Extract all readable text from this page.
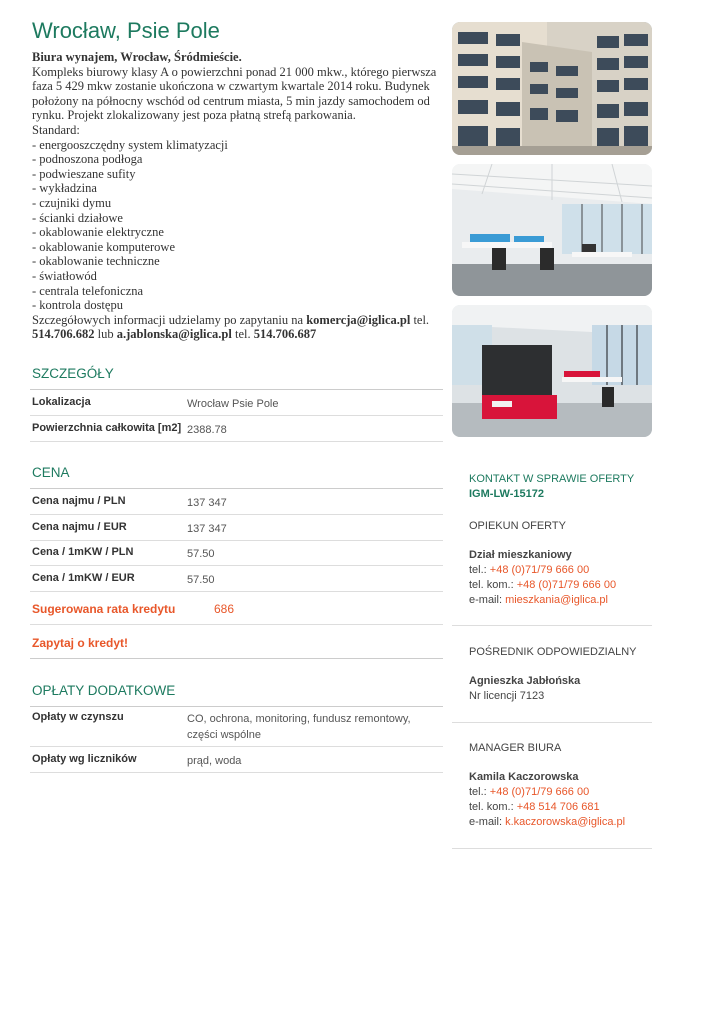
Wrocław, Psie Pole
Biura wynajem, Wrocław, Śródmieście.
Kompleks biurowy klasy A o powierzchni ponad 21 000 mkw., którego pierwsza
faza 5 429 mkw zostanie ukończona w czwartym kwartale 2014 roku. Budynek
położony na północny wschód od centrum miasta, 5 min jazdy samochodem od
rynku. Projekt zlokalizowany jest poza płatną strefą parkowania.
Standard:
- energooszczędny system klimatyzacji
- podnoszona podłoga
- podwieszane sufity
- wykładzina
- czujniki dymu
- ścianki działowe
- okablowanie elektryczne
- okablowanie komputerowe
- okablowanie techniczne
- światłowód
- centrala telefoniczna
- kontrola dostępu
Szczegółowych informacji udzielamy po zapytaniu na komercja@iglica.pl tel.
514.706.682 lub a.jablonska@iglica.pl tel. 514.706.687
SZCZEGÓŁY
Lokalizacja	Wrocław Psie Pole
Powierzchnia całkowita [m2] 2388.78
CENA
Cena najmu / PLN	137 347
Cena najmu / EUR	137 347
Cena / 1mKW / PLN	57.50
Cena / 1mKW / EUR	57.50
Sugerowana rata kredytu	686
Zapytaj o kredyt!
OPŁATY DODATKOWE
Opłaty w czynszu	CO, ochrona, monitoring, fundusz remontowy, części wspólne
Opłaty wg liczników	prąd, woda
KONTAKT W SPRAWIE OFERTY
IGM-LW-15172
OPIEKUN OFERTY
Dział mieszkaniowy
tel.: +48 (0)71/79 666 00
tel. kom.: +48 (0)71/79 666 00
e-mail: mieszkania@iglica.pl
POŚREDNIK ODPOWIEDZIALNY
Agnieszka Jabłońska
Nr licencji 7123
MANAGER BIURA
Kamila Kaczorowska
tel.: +48 (0)71/79 666 00
tel. kom.: +48 514 706 681
e-mail: k.kaczorowska@iglica.pl
